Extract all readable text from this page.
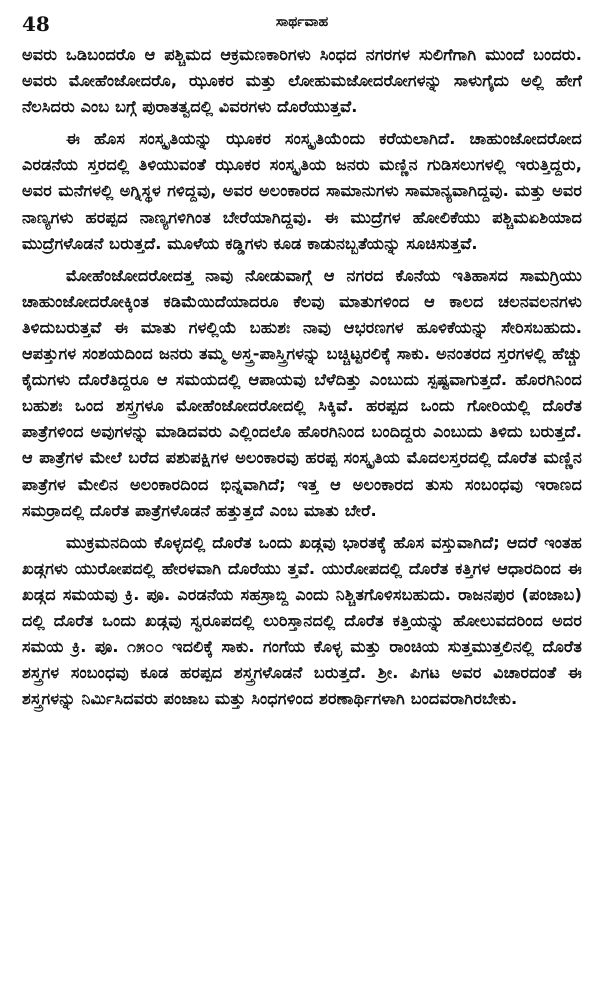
48	ಸಾರ್ಥವಾಹ

ಅವರು ಒಡಿಬಂದರೊ ಆ ಪಶ್ಚಿಮದ ಆಕ್ರಮಣಕಾರಿಗಳು ಸಿಂಧದ ನಗರಗಳ ಸುಲಿಗೆಗಾಗಿ ಮುಂದೆ ಬಂದರು. ಅವರು ಮೋಹೆಂಜೋದರೊ, ಝೂಕರ ಮತ್ತು ಲೋಹುಮಜೋದರೋಗಳನ್ನು ಸಾಳುಗೈದು ಅಲ್ಲಿ ಹೇಗೆ ನೆಲಸಿದರು ಎಂಬ ಬಗ್ಗೆ ಪುರಾತತ್ವದಲ್ಲಿ ವಿವರಗಳು ದೊರೆಯುತ್ತವೆ.

ಈ ಹೊಸ ಸಂಸ್ಕೃತಿಯನ್ನು ಝೂಕರ ಸಂಸ್ಕೃತಿಯೆಂದು ಕರೆಯಲಾಗಿದೆ. ಚಾಹುಂಜೋದರೋದ ಎರಡನೆಯ ಸ್ತರದಲ್ಲಿ ತಿಳಿಯುವಂತೆ ಝೂಕರ ಸಂಸ್ಕೃತಿಯ ಜನರು ಮಣ್ಣಿನ ಗುಡಿಸಲುಗಳಲ್ಲಿ ಇರುತ್ತಿದ್ದರು, ಅವರ ಮನೆಗಳಲ್ಲಿ ಅಗ್ನಿಸ್ಥಳ ಗಳಿದ್ದವು, ಅವರ ಅಲಂಕಾರದ ಸಾಮಾನುಗಳು ಸಾಮಾನ್ಯವಾಗಿದ್ದವು. ಮತ್ತು ಅವರ ನಾಣ್ಯಗಳು ಹರಪ್ಪದ ನಾಣ್ಯಗಳಿಗಿಂತ ಬೇರೆಯಾಗಿದ್ದವು. ಈ ಮುದ್ರೆಗಳ ಹೋಲಿಕೆಯು ಪಶ್ಚಿಮಏಶಿಯಾದ ಮುದ್ರೆಗಳೊಡನೆ ಬರುತ್ತದೆ. ಮೂಳೆಯ ಕಡ್ಡಿಗಳು ಕೂಡ ಕಾಡುನಬ್ಬತೆಯನ್ನು ಸೂಚಿಸುತ್ತವೆ.

ಮೋಹೆಂಜೋದರೋದತ್ತ ನಾವು ನೋಡುವಾಗ್ಗೆ ಆ ನಗರದ ಕೊನೆಯ ಇತಿಹಾಸದ ಸಾಮಗ್ರಿಯು ಚಾಹುಂಜೋದರೋಕ್ಕಿಂತ ಕಡಿಮೆಯಿದೆಯಾದರೂ ಕೆಲವು ಮಾತುಗಳಿಂದ ಆ ಕಾಲದ ಚಲನವಲನಗಳು ತಿಳಿದುಬರುತ್ತವೆ ಈ ಮಾತು ಗಳಲ್ಲಿಯೆ ಬಹುಶಃ ನಾವು ಆಭರಣಗಳ ಹೂಳಿಕೆಯನ್ನು ಸೇರಿಸಬಹುದು. ಆಪತ್ತುಗಳ ಸಂಶಯದಿಂದ ಜನರು ತಮ್ಮ ಅಸ್ತ್ರ-ಪಾಸ್ತ್ರಿಗಳನ್ನು ಬಚ್ಚಿಟ್ಟರಲಿಕ್ಕೆ ಸಾಕು. ಅನಂತರದ ಸ್ತರಗಳಲ್ಲಿ ಹೆಚ್ಚು ಕೈದುಗಳು ದೊರೆತಿದ್ದರೂ ಆ ಸಮಯದಲ್ಲಿ ಆಪಾಯವು ಬೆಳೆದಿತ್ತು ಎಂಬುದು ಸ್ಪಷ್ಟವಾಗುತ್ತದೆ. ಹೊರಗಿನಿಂದ ಬಹುಶಃ ಒಂದ ಶಸ್ತ್ರಗಳೂ ಮೋಹೆಂಜೋದರೋದಲ್ಲಿ ಸಿಕ್ಕಿವೆ. ಹರಪ್ಪದ ಒಂದು ಗೋರಿಯಲ್ಲಿ ದೊರೆತ ಪಾತ್ರೆಗಳಿಂದ ಅವುಗಳನ್ನು ಮಾಡಿದವರು ಎಲ್ಲಿಂದಲೊ ಹೊರಗಿನಿಂದ ಬಂದಿದ್ದರು ಎಂಬುದು ತಿಳಿದು ಬರುತ್ತದೆ. ಆ ಪಾತ್ರೆಗಳ ಮೇಲೆ ಬರೆದ ಪಶುಪಕ್ಷಿಗಳ ಅಲಂಕಾರವು ಹರಪ್ಪ ಸಂಸ್ಕೃತಿಯ ಮೊದಲಸ್ತರದಲ್ಲಿ ದೊರೆತ ಮಣ್ಣಿನ ಪಾತ್ರೆಗಳ ಮೇಲಿನ ಅಲಂಕಾರದಿಂದ ಭಿನ್ನವಾಗಿದೆ; ಇತ್ತ ಆ ಅಲಂಕಾರದ ತುಸು ಸಂಬಂಧವು ಇರಾಣದ ಸಮರ್ರಾದಲ್ಲಿ ದೊರೆತ ಪಾತ್ರೆಗಳೊಡನೆ ಹತ್ತುತ್ತದೆ ಎಂಬ ಮಾತು ಬೇರೆ.

ಮುಕ್ರಮನದಿಯ ಕೊಳ್ಳದಲ್ಲಿ ದೊರೆತ ಒಂದು ಖಡ್ಗವು ಭಾರತಕ್ಕೆ ಹೊಸ ವಸ್ತುವಾಗಿದೆ; ಆದರೆ ಇಂತಹ ಖಡ್ಗಗಳು ಯುರೋಪದಲ್ಲಿ ಹೇರಳವಾಗಿ ದೊರೆಯು ತ್ತವೆ. ಯುರೋಪದಲ್ಲಿ ದೊರೆತ ಕತ್ತಿಗಳ ಆಧಾರದಿಂದ ಈ ಖಡ್ಗದ ಸಮಯವು ಕ್ರಿ. ಪೂ. ಎರಡನೆಯ ಸಹಸ್ರಾಬ್ದಿ ಎಂದು ನಿಶ್ಚಿತಗೊಳಿಸಬಹುದು. ರಾಜನಪುರ (ಪಂಜಾಬ) ದಲ್ಲಿ ದೊರೆತ ಒಂದು ಖಡ್ಗವು ಸ್ವರೂಪದಲ್ಲಿ ಲುರಿಸ್ತಾನದಲ್ಲಿ ದೊರೆತ ಕತ್ತಿಯನ್ನು ಹೋಲುವದರಿಂದ ಅದರ ಸಮಯ ಕ್ರಿ. ಪೂ. ೧೫೦೦ ಇದಲಿಕ್ಕೆ ಸಾಕು. ಗಂಗೆಯ ಕೊಳ್ಳ ಮತ್ತು ರಾಂಚಿಯ ಸುತ್ತಮುತ್ತಲಿನಲ್ಲಿ ದೊರೆತ ಶಸ್ತ್ರಗಳ ಸಂಬಂಧವು ಕೂಡ ಹರಪ್ಪದ ಶಸ್ತ್ರಗಳೊಡನೆ ಬರುತ್ತದೆ. ಶ್ರೀ. ಪಿಗಟ ಅವರ ವಿಚಾರದಂತೆ ಈ ಶಸ್ತ್ರಗಳನ್ನು ನಿರ್ಮಿಸಿದವರು ಪಂಜಾಬ ಮತ್ತು ಸಿಂಧಗಳಿಂದ ಶರಣಾರ್ಥಿಗಳಾಗಿ ಬಂದವರಾಗಿರಬೇಕು.
